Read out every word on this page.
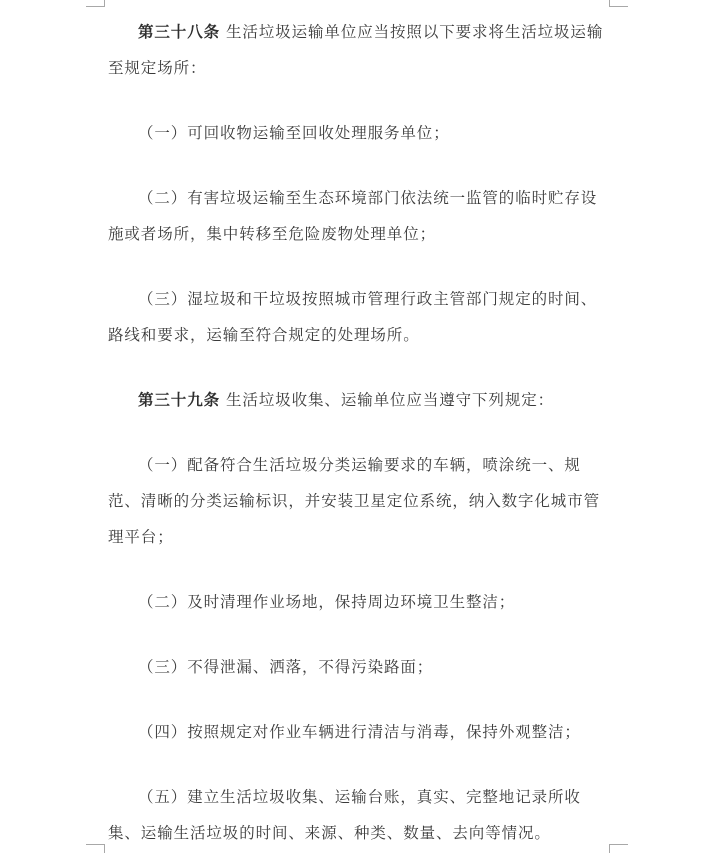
第三十八条 生活垃圾运输单位应当按照以下要求将生活垃圾运输至规定场所：

（一）可回收物运输至回收处理服务单位；

（二）有害垃圾运输至生态环境部门依法统一监管的临时贮存设施或者场所，集中转移至危险废物处理单位；

（三）湿垃圾和干垃圾按照城市管理行政主管部门规定的时间、路线和要求，运输至符合规定的处理场所。

第三十九条 生活垃圾收集、运输单位应当遵守下列规定：

（一）配备符合生活垃圾分类运输要求的车辆，喷涂统一、规范、清晰的分类运输标识，并安装卫星定位系统，纳入数字化城市管理平台；

（二）及时清理作业场地，保持周边环境卫生整洁；

（三）不得泄漏、洒落，不得污染路面；

（四）按照规定对作业车辆进行清洁与消毒，保持外观整洁；

（五）建立生活垃圾收集、运输台账，真实、完整地记录所收集、运输生活垃圾的时间、来源、种类、数量、去向等情况。
